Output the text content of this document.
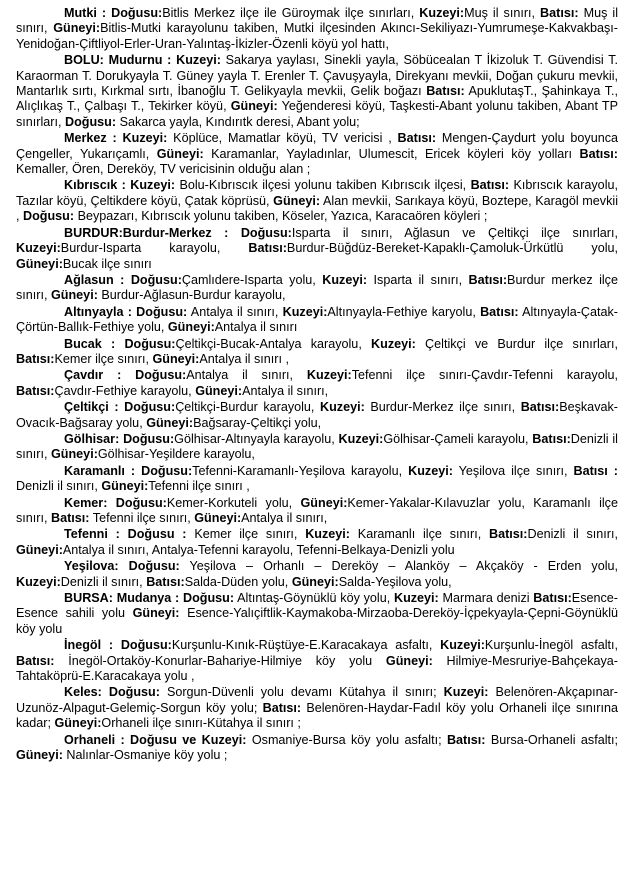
Mutki : Doğusu:Bitlis Merkez ilçe ile Güroymak ilçe sınırları, Kuzeyi:Muş il sınırı, Batısı: Muş il sınırı, Güneyi:Bitlis-Mutki karayolunu takiben, Mutki ilçesinden Akıncı-Sekiliyazı-Yumrumeşe-Kakvakbaşı-Yenidoğan-Çiftliyol-Erler-Uran-Yalıntaş-İkizler-Özenli köyü yol hattı,

BOLU: Mudurnu : Kuzeyi: Sakarya yaylası, Sinekli yayla, Söbücealan T İkizoluk T. Güvendisi T. Karaorman T. Dorukyayla T. Güney yayla T. Erenler T. Çavuşyayla, Direkyanı mevkii, Doğan çukuru mevkii, Mantarlık sırtı, Kırkmal sırtı, İbanoğlu T. Gelikyayla mevkii, Gelik boğazı Batısı: ApuklutaşT., Şahinkaya T., Alıçlıkaş T., Çalbaşı T., Tekirker köyü, Güneyi: Yeğenderesi köyü, Taşkesti-Abant yolunu takiben, Abant TP sınırları, Doğusu: Sakarca yayla, Kındırıtk deresi, Abant yolu;

Merkez : Kuzeyi: Köplüce, Mamatlar köyü, TV vericisi , Batısı: Mengen-Çaydurt yolu boyunca Çengeller, Yukarıçamlı, Güneyi: Karamanlar, Yayladınlar, Ulumescit, Ericek köyleri köy yolları Batısı: Kemaller, Ören, Dereköy, TV vericisinin olduğu alan ;

Kıbrıscık : Kuzeyi: Bolu-Kıbrıscık ilçesi yolunu takiben Kıbrıscık ilçesi, Batısı: Kıbrıscık karayolu, Tazılar köyü, Çeltikdere köyü, Çatak köprüsü, Güneyi: Alan mevkii, Sarıkaya köyü, Boztepe, Karagöl mevkii , Doğusu: Beypazarı, Kıbrıscık yolunu takiben, Köseler, Yazıca, Karacaören köyleri ;

BURDUR:Burdur-Merkez : Doğusu:Isparta il sınırı, Ağlasun ve Çeltikçi ilçe sınırları, Kuzeyi:Burdur-Isparta karayolu, Batısı:Burdur-Büğdüz-Bereket-Kapaklı-Çamoluk-Ürkütlü yolu, Güneyi:Bucak ilçe sınırı

Ağlasun : Doğusu:Çamlıdere-Isparta yolu, Kuzeyi: Isparta il sınırı, Batısı:Burdur merkez ilçe sınırı, Güneyi: Burdur-Ağlasun-Burdur karayolu,

Altınyayla : Doğusu: Antalya il sınırı, Kuzeyi:Altınyayla-Fethiye karyolu, Batısı: Altınyayla-Çatak-Çörtün-Ballık-Fethiye yolu, Güneyi:Antalya il sınırı

Bucak : Doğusu:Çeltikçi-Bucak-Antalya karayolu, Kuzeyi: Çeltikçi ve Burdur ilçe sınırları, Batısı:Kemer ilçe sınırı, Güneyi:Antalya il sınırı ,

Çavdır : Doğusu:Antalya il sınırı, Kuzeyi:Tefenni ilçe sınırı-Çavdır-Tefenni karayolu, Batısı:Çavdır-Fethiye karayolu, Güneyi:Antalya il sınırı,

Çeltikçi : Doğusu:Çeltikçi-Burdur karayolu, Kuzeyi: Burdur-Merkez ilçe sınırı, Batısı:Beşkavak-Ovacık-Bağsaray yolu, Güneyi:Bağsaray-Çeltikçi yolu,

Gölhisar: Doğusu:Gölhisar-Altınyayla karayolu, Kuzeyi:Gölhisar-Çameli karayolu, Batısı:Denizli il sınırı, Güneyi:Gölhisar-Yeşildere karayolu,

Karamanlı : Doğusu:Tefenni-Karamanlı-Yeşilova karayolu, Kuzeyi: Yeşilova ilçe sınırı, Batısı : Denizli il sınırı, Güneyi:Tefenni ilçe sınırı ,

Kemer: Doğusu:Kemer-Korkuteli yolu, Güneyi:Kemer-Yakalar-Kılavuzlar yolu, Karamanlı ilçe sınırı, Batısı: Tefenni ilçe sınırı, Güneyi:Antalya il sınırı,

Tefenni : Doğusu : Kemer ilçe sınırı, Kuzeyi: Karamanlı ilçe sınırı, Batısı:Denizli il sınırı, Güneyi:Antalya il sınırı, Antalya-Tefenni karayolu, Tefenni-Belkaya-Denizli yolu

Yeşilova: Doğusu: Yeşilova – Orhanlı – Dereköy – Alanköy – Akçaköy - Erden yolu, Kuzeyi:Denizli il sınırı, Batısı:Salda-Düden yolu, Güneyi:Salda-Yeşilova yolu,

BURSA: Mudanya : Doğusu: Altıntaş-Göynüklü köy yolu, Kuzeyi: Marmara denizi Batısı:Esence-Esence sahili yolu Güneyi: Esence-Yalıçiftlik-Kaymakoba-Mirzaoba-Dereköy-İçpekyayla-Çepni-Göynüklü köy yolu

İnegöl : Doğusu:Kurşunlu-Kınık-Rüştüye-E.Karacakaya asfaltı, Kuzeyi:Kurşunlu-İnegöl asfaltı, Batısı: İnegöl-Ortaköy-Konurlar-Bahariye-Hilmiye köy yolu Güneyi: Hilmiye-Mesruriye-Bahçekaya-Tahtaköprü-E.Karacakaya yolu ,

Keles: Doğusu: Sorgun-Düvenli yolu devamı Kütahya il sınırı; Kuzeyi: Belenören-Akçapınar-Uzunöz-Alpagut-Gelemiç-Sorgun köy yolu; Batısı: Belenören-Haydar-Fadıl köy yolu Orhaneli ilçe sınırına kadar; Güneyi:Orhaneli ilçe sınırı-Kütahya il sınırı ;

Orhaneli : Doğusu ve Kuzeyi: Osmaniye-Bursa köy yolu asfaltı; Batısı: Bursa-Orhaneli asfaltı; Güneyi: Nalınlar-Osmaniye köy yolu ;
